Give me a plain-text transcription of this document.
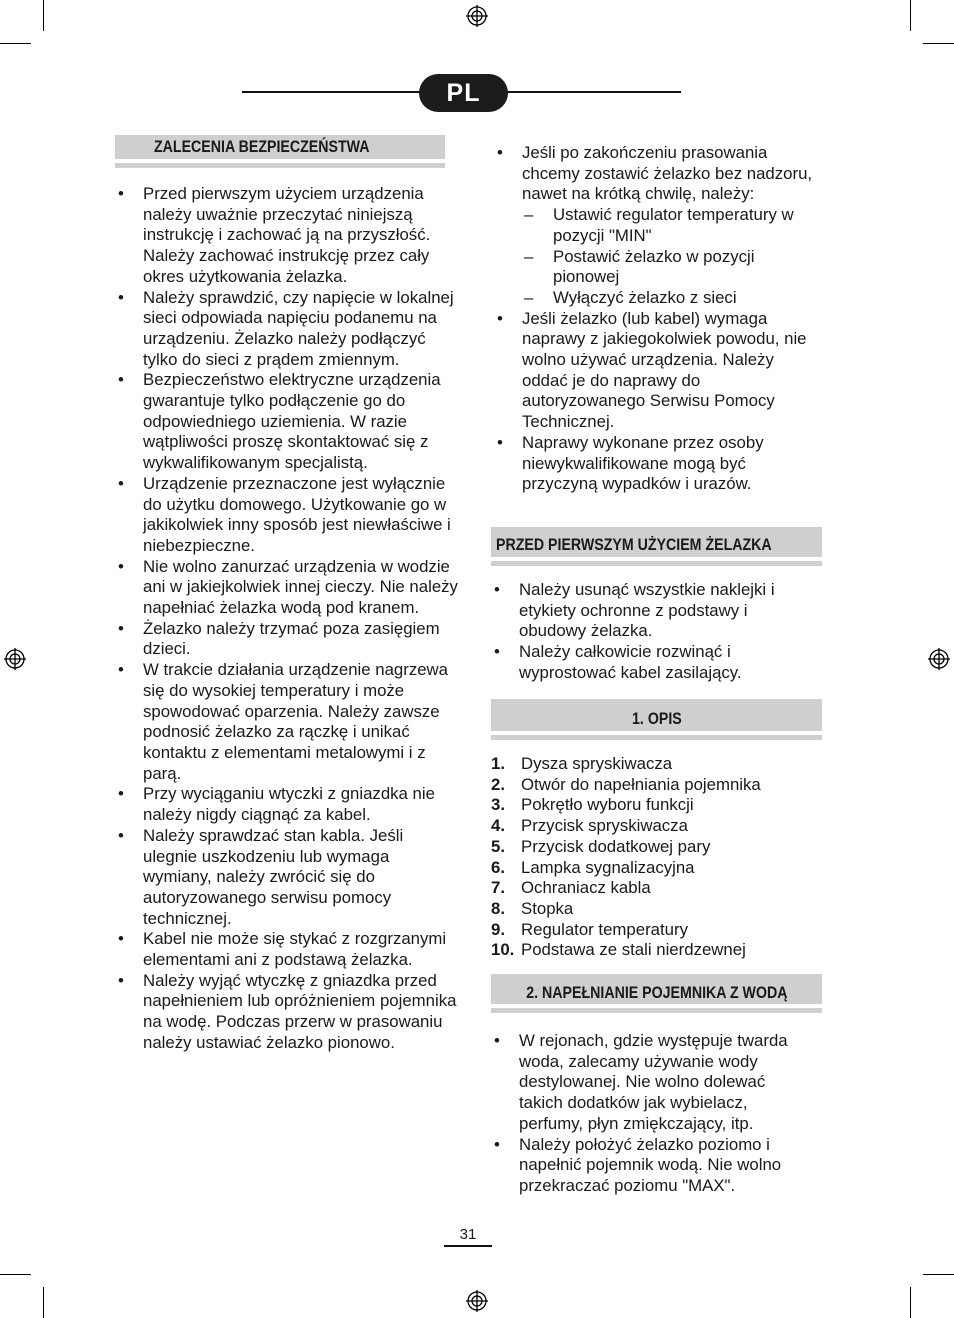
PL
ZALECENIA BEZPIECZEŃSTWA
• Przed pierwszym użyciem urządzenia należy uważnie przeczytać niniejszą instrukcję i zachować ją na przyszłość. Należy zachować instrukcję przez cały okres użytkowania żelazka.
• Należy sprawdzić, czy napięcie w lokalnej sieci odpowiada napięciu podanemu na urządzeniu. Żelazko należy podłączyć tylko do sieci z prądem zmiennym.
• Bezpieczeństwo elektryczne urządzenia gwarantuje tylko podłączenie go do odpowiedniego uziemienia. W razie wątpliwości proszę skontaktować się z wykwalifikowanym specjalistą.
• Urządzenie przeznaczone jest wyłącznie do użytku domowego. Użytkowanie go w jakikolwiek inny sposób jest niewłaściwe i niebezpieczne.
• Nie wolno zanurzać urządzenia w wodzie ani w jakiejkolwiek innej cieczy. Nie należy napełniać żelazka wodą pod kranem.
• Żelazko należy trzymać poza zasięgiem dzieci.
• W trakcie działania urządzenie nagrzewa się do wysokiej temperatury i może spowodować oparzenia. Należy zawsze podnosić żelazko za rączkę i unikać kontaktu z elementami metalowymi i z parą.
• Przy wyciąganiu wtyczki z gniazdka nie należy nigdy ciągnąć za kabel.
• Należy sprawdzać stan kabla. Jeśli ulegnie uszkodzeniu lub wymaga wymiany, należy zwrócić się do autoryzowanego serwisu pomocy technicznej.
• Kabel nie może się stykać z rozgrzanymi elementami ani z podstawą żelazka.
• Należy wyjąć wtyczkę z gniazdka przed napełnieniem lub opróżnieniem pojemnika na wodę. Podczas przerw w prasowaniu należy ustawiać żelazko pionowo.
• Jeśli po zakończeniu prasowania chcemy zostawić żelazko bez nadzoru, nawet na krótką chwilę, należy:
– Ustawić regulator temperatury w pozycji "MIN"
– Postawić żelazko w pozycji pionowej
– Wyłączyć żelazko z sieci
• Jeśli żelazko (lub kabel) wymaga naprawy z jakiegokolwiek powodu, nie wolno używać urządzenia. Należy oddać je do naprawy do autoryzowanego Serwisu Pomocy Technicznej.
• Naprawy wykonane przez osoby niewykwalifikowane mogą być przyczyną wypadków i urazów.
PRZED PIERWSZYM UŻYCIEM ŻELAZKA
• Należy usunąć wszystkie naklejki i etykiety ochronne z podstawy i obudowy żelazka.
• Należy całkowicie rozwinąć i wyprostować kabel zasilający.
1. OPIS
1. Dysza spryskiwacza
2. Otwór do napełniania pojemnika
3. Pokrętło wyboru funkcji
4. Przycisk spryskiwacza
5. Przycisk dodatkowej pary
6. Lampka sygnalizacyjna
7. Ochraniacz kabla
8. Stopka
9. Regulator temperatury
10. Podstawa ze stali nierdzewnej
2. NAPEŁNIANIE POJEMNIKA Z WODĄ
• W rejonach, gdzie występuje twarda woda, zalecamy używanie wody destylowanej. Nie wolno dolewać takich dodatków jak wybielacz, perfumy, płyn zmiękczający, itp.
• Należy położyć żelazko poziomo i napełnić pojemnik wodą. Nie wolno przekraczać poziomu "MAX".
31
